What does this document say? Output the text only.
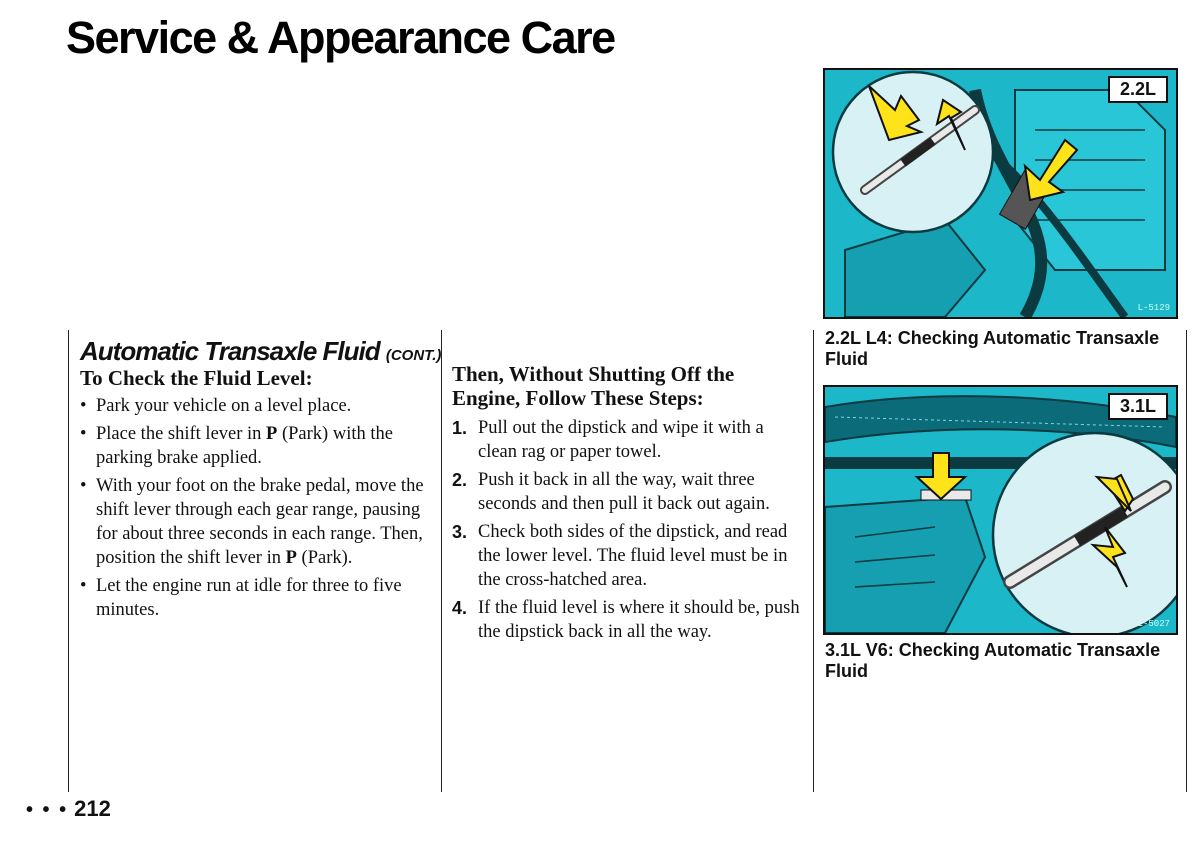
Service & Appearance Care
Automatic Transaxle Fluid (CONT.)
To Check the Fluid Level:
• Park your vehicle on a level place.
• Place the shift lever in P (Park) with the parking brake applied.
• With your foot on the brake pedal, move the shift lever through each gear range, pausing for about three seconds in each range. Then, position the shift lever in P (Park).
• Let the engine run at idle for three to five minutes.
Then, Without Shutting Off the Engine, Follow These Steps:
1. Pull out the dipstick and wipe it with a clean rag or paper towel.
2. Push it back in all the way, wait three seconds and then pull it back out again.
3. Check both sides of the dipstick, and read the lower level. The fluid level must be in the cross-hatched area.
4. If the fluid level is where it should be, push the dipstick back in all the way.
2.2L
L-5129
2.2L L4: Checking Automatic Transaxle Fluid
3.1L
L-5027
3.1L V6: Checking Automatic Transaxle Fluid
• • • 212
